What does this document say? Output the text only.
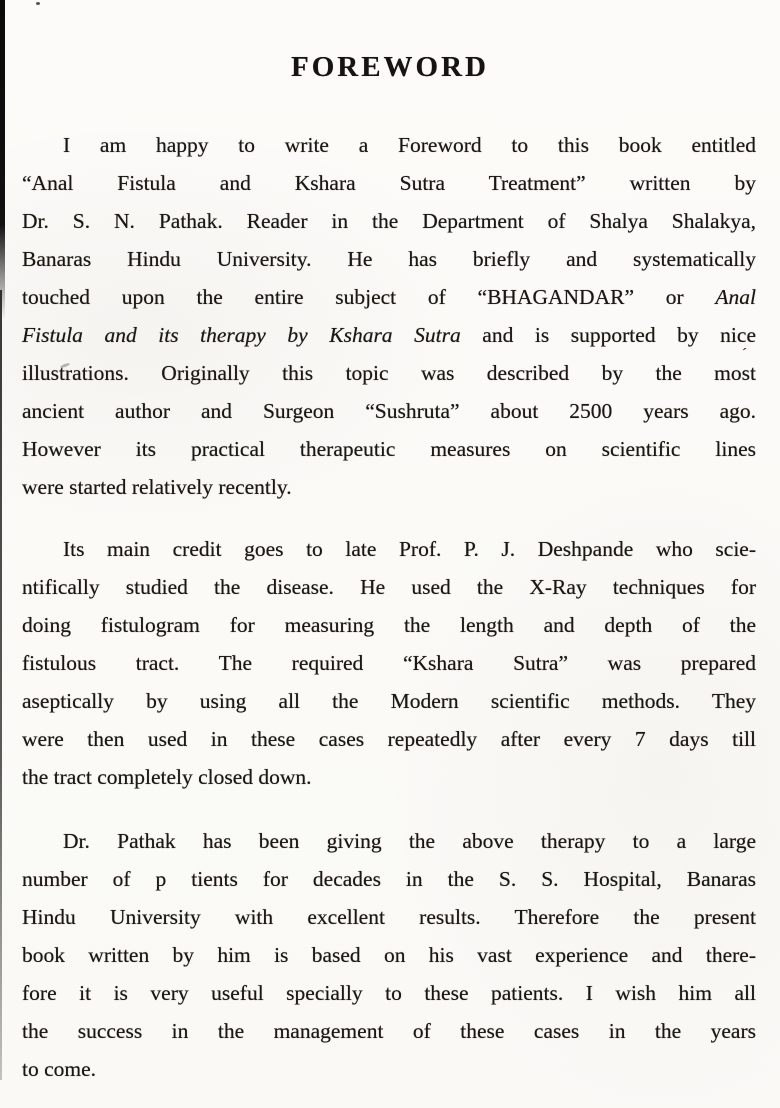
FOREWORD
I am happy to write a Foreword to this book entitled
“Anal Fistula and Kshara Sutra Treatment” written by
Dr. S. N. Pathak. Reader in the Department of Shalya Shalakya,
Banaras Hindu University. He has briefly and systematically
touched upon the entire subject of “BHAGANDAR” or Anal
Fistula and its therapy by Kshara Sutra and is supported by nice
illustrations. Originally this topic was described by the most
ancient author and Surgeon “Sushruta” about 2500 years ago.
However its practical therapeutic measures on scientific lines
were started relatively recently.
Its main credit goes to late Prof. P. J. Deshpande who scie-
ntifically studied the disease. He used the X-Ray techniques for
doing fistulogram for measuring the length and depth of the
fistulous tract. The required “Kshara Sutra” was prepared
aseptically by using all the Modern scientific methods. They
were then used in these cases repeatedly after every 7 days till
the tract completely closed down.
Dr. Pathak has been giving the above therapy to a large
number of p tients for decades in the S. S. Hospital, Banaras
Hindu University with excellent results. Therefore the present
book written by him is based on his vast experience and there-
fore it is very useful specially to these patients. I wish him all
the success in the management of these cases in the years
to come.
´
